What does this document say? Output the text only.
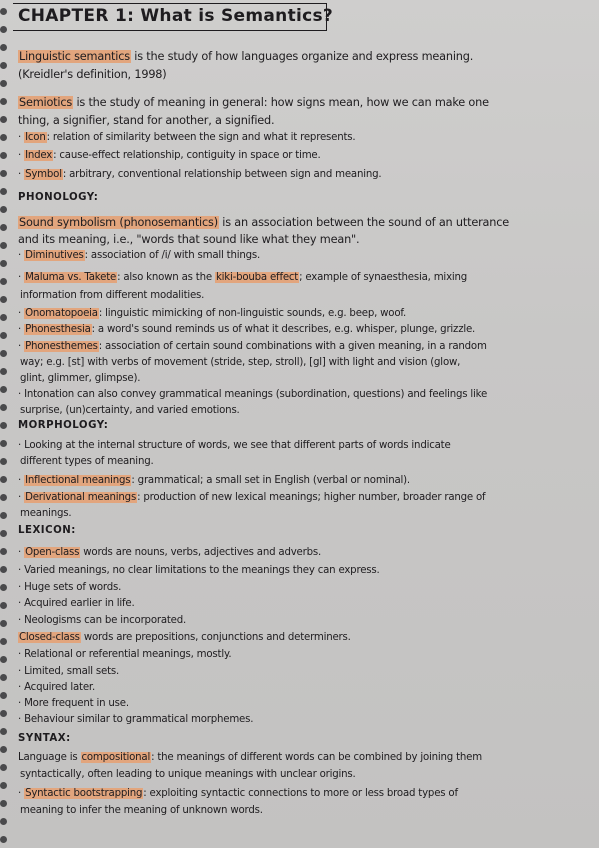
CHAPTER 1: What is Semantics?
Linguistic semantics is the study of how languages organize and express meaning.
(Kreidler's definition, 1998)
Semiotics is the study of meaning in general: how signs mean, how we can make one
thing, a signifier, stand for another, a signified.
· Icon: relation of similarity between the sign and what it represents.
· Index: cause-effect relationship, contiguity in space or time.
· Symbol: arbitrary, conventional relationship between sign and meaning.
PHONOLOGY:
Sound symbolism (phonosemantics) is an association between the sound of an utterance
and its meaning, i.e., "words that sound like what they mean".
· Diminutives: association of /i/ with small things.
· Maluma vs. Takete: also known as the kiki-bouba effect; example of synaesthesia, mixing
information from different modalities.
· Onomatopoeia: linguistic mimicking of non-linguistic sounds, e.g. beep, woof.
· Phonesthesia: a word's sound reminds us of what it describes, e.g. whisper, plunge, grizzle.
· Phonesthemes: association of certain sound combinations with a given meaning, in a random
way; e.g. [st] with verbs of movement (stride, step, stroll), [gl] with light and vision (glow,
glint, glimmer, glimpse).
· Intonation can also convey grammatical meanings (subordination, questions) and feelings like
surprise, (un)certainty, and varied emotions.
MORPHOLOGY:
· Looking at the internal structure of words, we see that different parts of words indicate
different types of meaning.
· Inflectional meanings: grammatical; a small set in English (verbal or nominal).
· Derivational meanings: production of new lexical meanings; higher number, broader range of
meanings.
LEXICON:
· Open-class words are nouns, verbs, adjectives and adverbs.
· Varied meanings, no clear limitations to the meanings they can express.
· Huge sets of words.
· Acquired earlier in life.
· Neologisms can be incorporated.
Closed-class words are prepositions, conjunctions and determiners.
· Relational or referential meanings, mostly.
· Limited, small sets.
· Acquired later.
· More frequent in use.
· Behaviour similar to grammatical morphemes.
SYNTAX:
Language is compositional: the meanings of different words can be combined by joining them
syntactically, often leading to unique meanings with unclear origins.
· Syntactic bootstrapping: exploiting syntactic connections to more or less broad types of
meaning to infer the meaning of unknown words.
